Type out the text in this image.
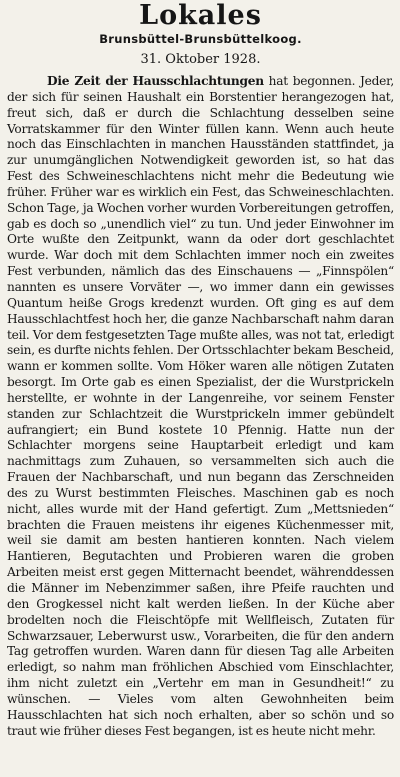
Lokales
Brunsbüttel-Brunsbüttelkoog.
31. Oktober 1928.

Die Zeit der Hausschlachtungen hat begonnen. Jeder, der sich für seinen Haushalt ein Borstentier herangezogen hat, freut sich, daß er durch die Schlachtung desselben seine Vorratskammer für den Winter füllen kann. Wenn auch heute noch das Einschlachten in manchen Hausständen stattfindet, ja zur unumgänglichen Notwendigkeit geworden ist, so hat das Fest des Schweineschlachtens nicht mehr die Bedeutung wie früher. Früher war es wirklich ein Fest, das Schweineschlachten. Schon Tage, ja Wochen vorher wurden Vorbereitungen getroffen, gab es doch so „unendlich viel“ zu tun. Und jeder Einwohner im Orte wußte den Zeitpunkt, wann da oder dort geschlachtet wurde. War doch mit dem Schlachten immer noch ein zweites Fest verbunden, nämlich das des Einschauens — „Finnspölen“ nannten es unsere Vorväter —, wo immer dann ein gewisses Quantum heiße Grogs kredenzt wurden. Oft ging es auf dem Hausschlachtfest hoch her, die ganze Nachbarschaft nahm daran teil. Vor dem festgesetzten Tage mußte alles, was not tat, erledigt sein, es durfte nichts fehlen. Der Ortsschlachter bekam Bescheid, wann er kommen sollte. Vom Höker waren alle nötigen Zutaten besorgt. Im Orte gab es einen Spezialist, der die Wurstprickeln herstellte, er wohnte in der Langenreihe, vor seinem Fenster standen zur Schlachtzeit die Wurstprickeln immer gebündelt aufrangiert; ein Bund kostete 10 Pfennig. Hatte nun der Schlachter morgens seine Hauptarbeit erledigt und kam nachmittags zum Zuhauen, so versammelten sich auch die Frauen der Nachbarschaft, und nun begann das Zerschneiden des zu Wurst bestimmten Fleisches. Maschinen gab es noch nicht, alles wurde mit der Hand gefertigt. Zum „Mettsnieden“ brachten die Frauen meistens ihr eigenes Küchenmesser mit, weil sie damit am besten hantieren konnten. Nach vielem Hantieren, Begutachten und Probieren waren die groben Arbeiten meist erst gegen Mitternacht beendet, währenddessen die Männer im Nebenzimmer saßen, ihre Pfeife rauchten und den Grogkessel nicht kalt werden ließen. In der Küche aber brodelten noch die Fleischtöpfe mit Wellfleisch, Zutaten für Schwarzsauer, Leberwurst usw., Vorarbeiten, die für den andern Tag getroffen wurden. Waren dann für diesen Tag alle Arbeiten erledigt, so nahm man fröhlichen Abschied vom Einschlachter, ihm nicht zuletzt ein „Vertehr em man in Gesundheit!“ zu wünschen. — Vieles vom alten Gewohnheiten beim Hausschlachten hat sich noch erhalten, aber so schön und so traut wie früher dieses Fest begangen, ist es heute nicht mehr.
